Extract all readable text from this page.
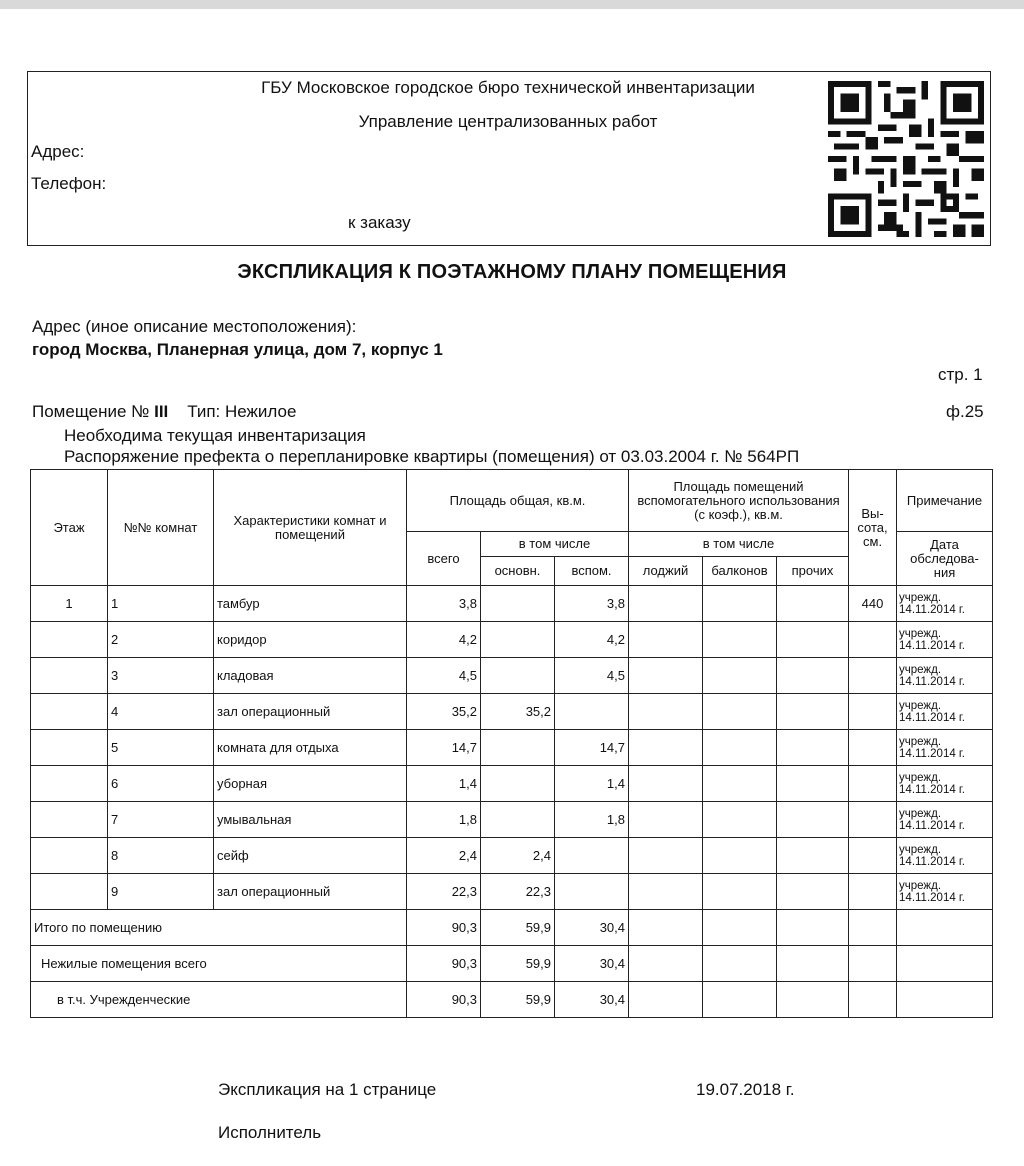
ГБУ Московское городское бюро технической инвентаризации
Управление централизованных работ
Адрес:
Телефон:
к заказу
ЭКСПЛИКАЦИЯ К ПОЭТАЖНОМУ ПЛАНУ ПОМЕЩЕНИЯ
Адрес (иное описание местоположения):
город Москва, Планерная улица, дом 7, корпус 1
стр. 1
Помещение № III Тип: Нежилое	ф.25
Необходима текущая инвентаризация
Распоряжение префекта о перепланировке квартиры (помещения) от 03.03.2004 г. № 564РП
Этаж	№№ комнат	Характеристики комнат и помещений	Площадь общая, кв.м.			Площадь помещений вспомогательного использования (с коэф.), кв.м.			Вы-сота, см.	Примечание
			всего	в том числе		в том числе				Дата обследова-ния
				основн.	вспом.	лоджий	балконов	прочих		
1	1	тамбур	3,8		3,8				440	учрежд. 14.11.2014 г.
	2	коридор	4,2		4,2					учрежд. 14.11.2014 г.
	3	кладовая	4,5		4,5					учрежд. 14.11.2014 г.
	4	зал операционный	35,2	35,2						учрежд. 14.11.2014 г.
	5	комната для отдыха	14,7		14,7					учрежд. 14.11.2014 г.
	6	уборная	1,4		1,4					учрежд. 14.11.2014 г.
	7	умывальная	1,8		1,8					учрежд. 14.11.2014 г.
	8	сейф	2,4	2,4						учрежд. 14.11.2014 г.
	9	зал операционный	22,3	22,3						учрежд. 14.11.2014 г.
Итого по помещению			90,3	59,9	30,4					
Нежилые помещения всего			90,3	59,9	30,4					
в т.ч. Учрежденческие			90,3	59,9	30,4					
Экспликация на 1 странице	19.07.2018 г.
Исполнитель
